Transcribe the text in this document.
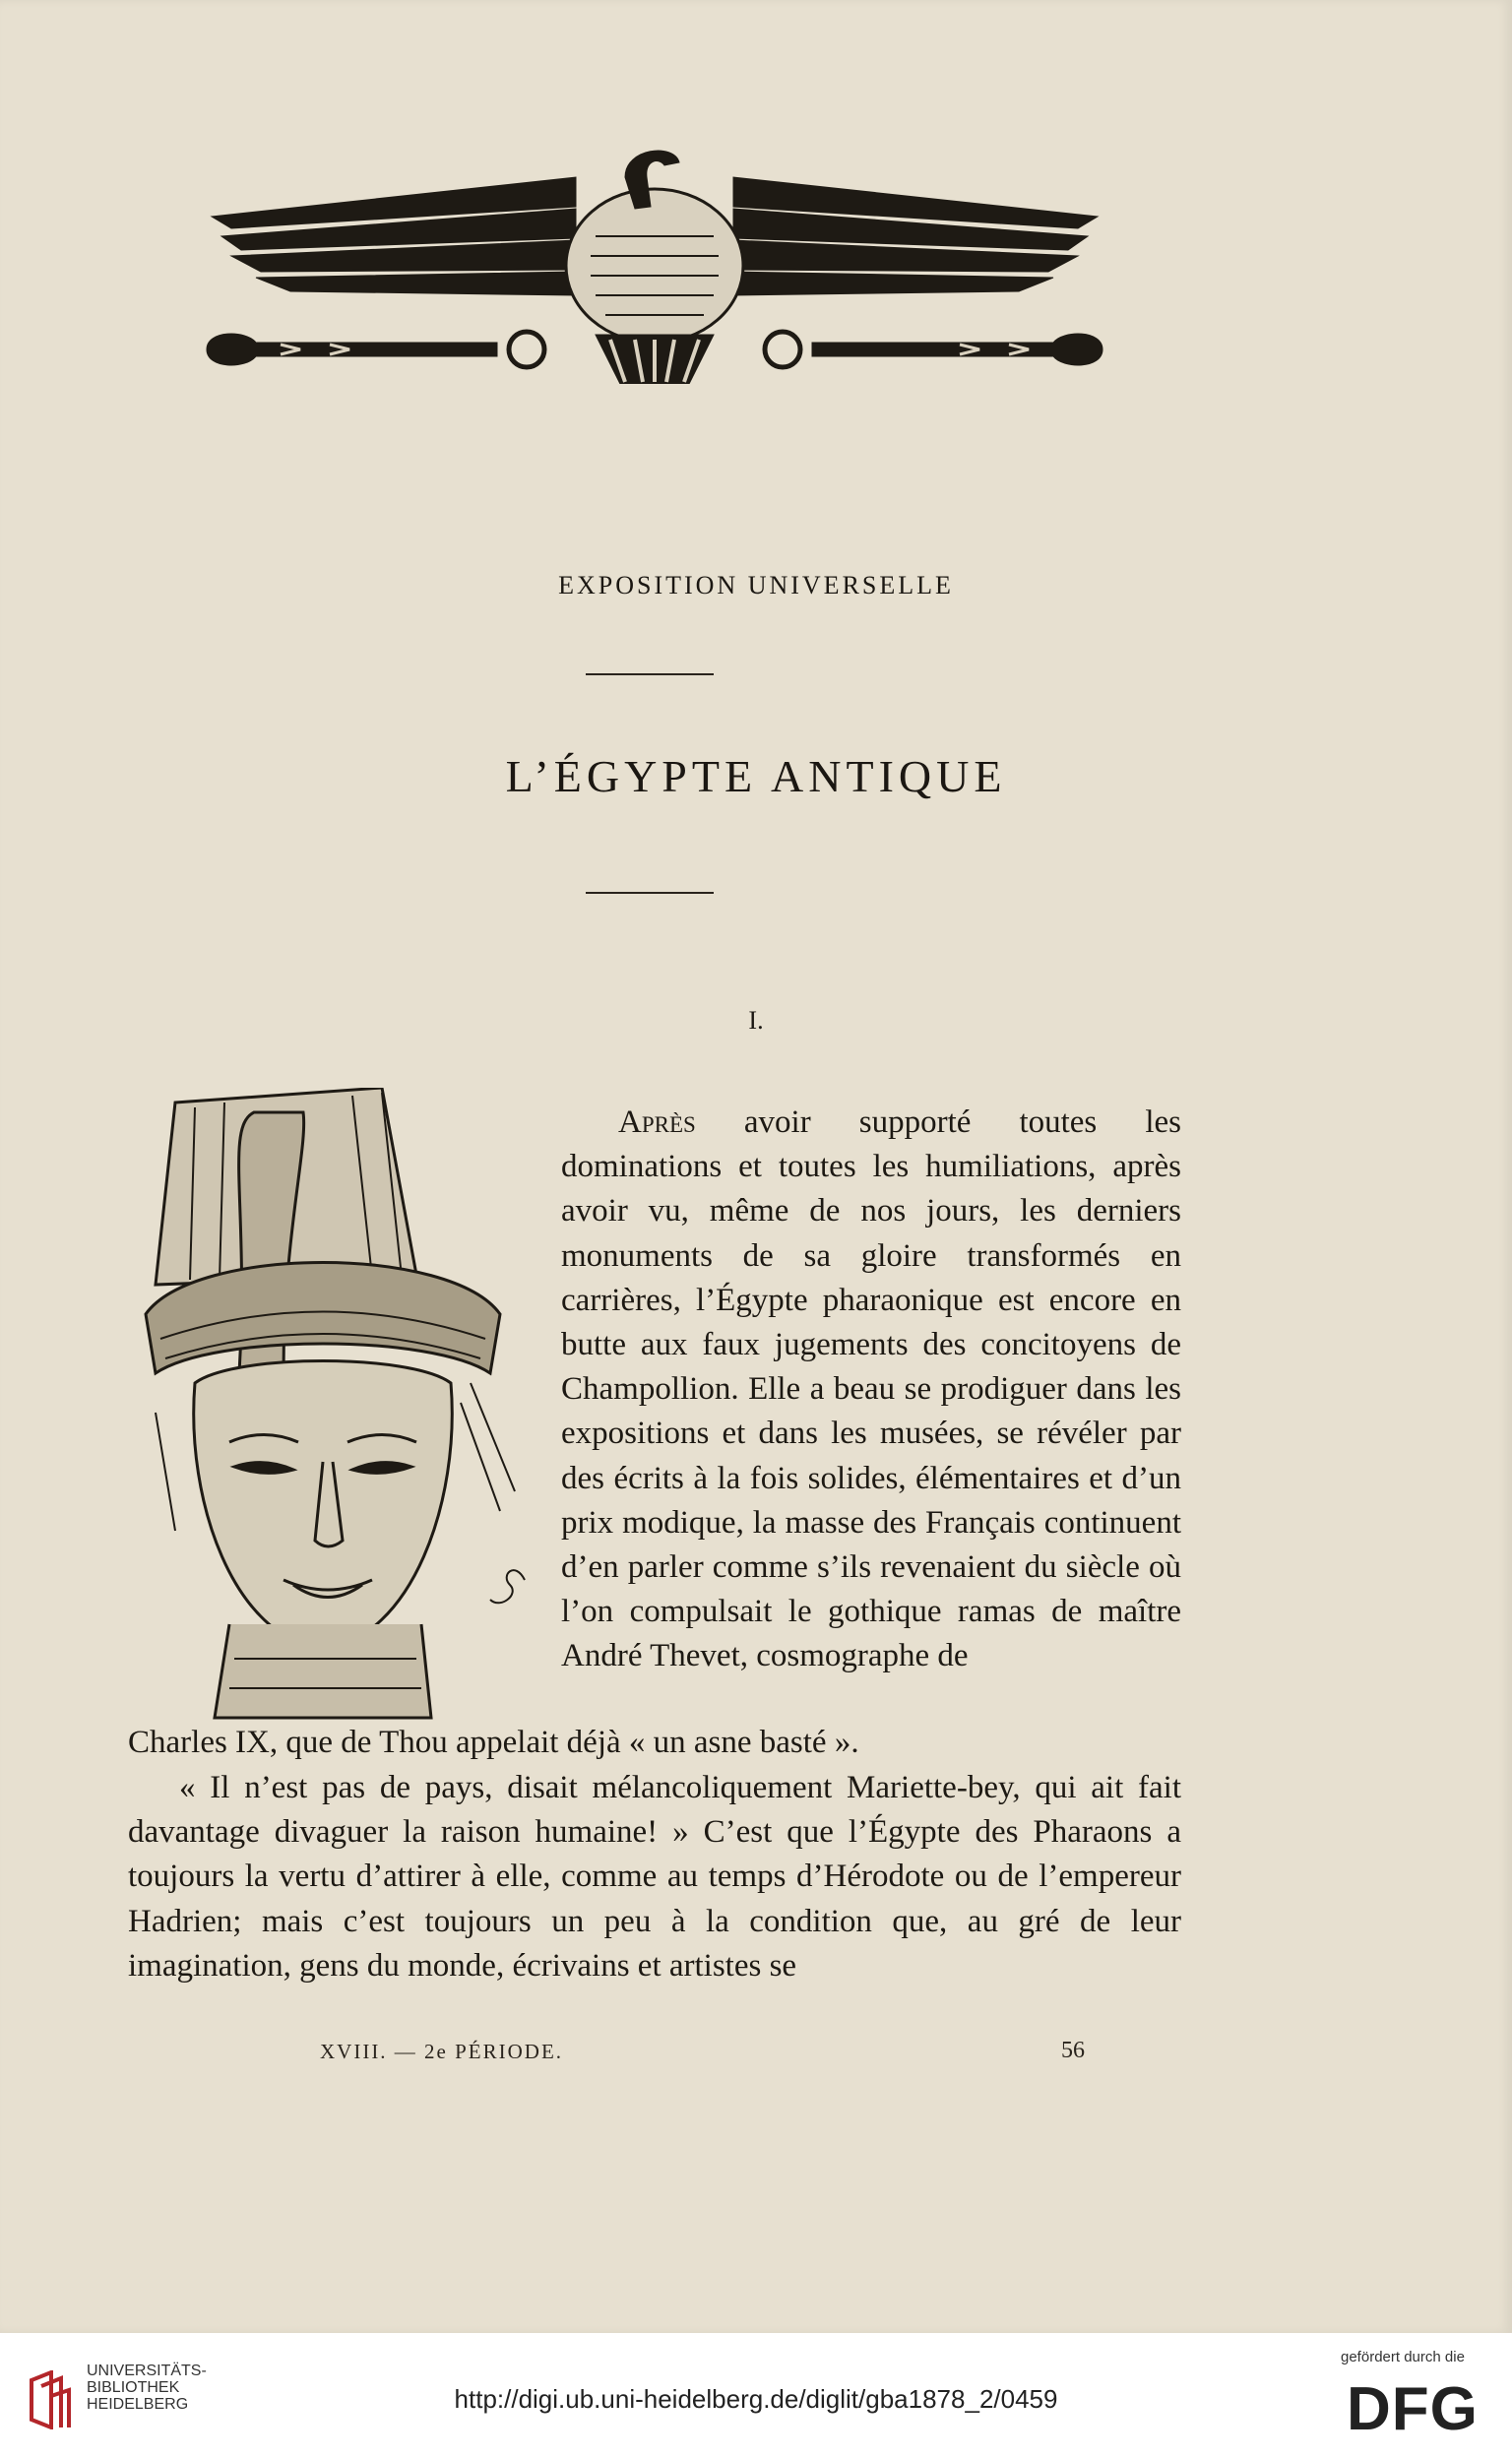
EXPOSITION UNIVERSELLE
L’ÉGYPTE ANTIQUE
I.

Après avoir supporté toutes les dominations et toutes les humiliations, après avoir vu, même de nos jours, les derniers monuments de sa gloire transformés en carrières, l’Égypte pharaonique est encore en butte aux faux jugements des concitoyens de Champollion. Elle a beau se prodiguer dans les expositions et dans les musées, se révéler par des écrits à la fois solides, élémentaires et d’un prix modique, la masse des Français continuent d’en parler comme s’ils revenaient du siècle où l’on compulsait le gothique ramas de maître André Thevet, cosmographe de

Charles IX, que de Thou appelait déjà « un asne basté ».

« Il n’est pas de pays, disait mélancoliquement Mariette-bey, qui ait fait davantage divaguer la raison humaine! » C’est que l’Égypte des Pharaons a toujours la vertu d’attirer à elle, comme au temps d’Hérodote ou de l’empereur Hadrien; mais c’est toujours un peu à la condition que, au gré de leur imagination, gens du monde, écrivains et artistes se

XVIII. — 2e PÉRIODE.	56
UNIVERSITÄTS-
BIBLIOTHEK
HEIDELBERG	http://digi.ub.uni-heidelberg.de/diglit/gba1878_2/0459
gefördert durch die
DFG
